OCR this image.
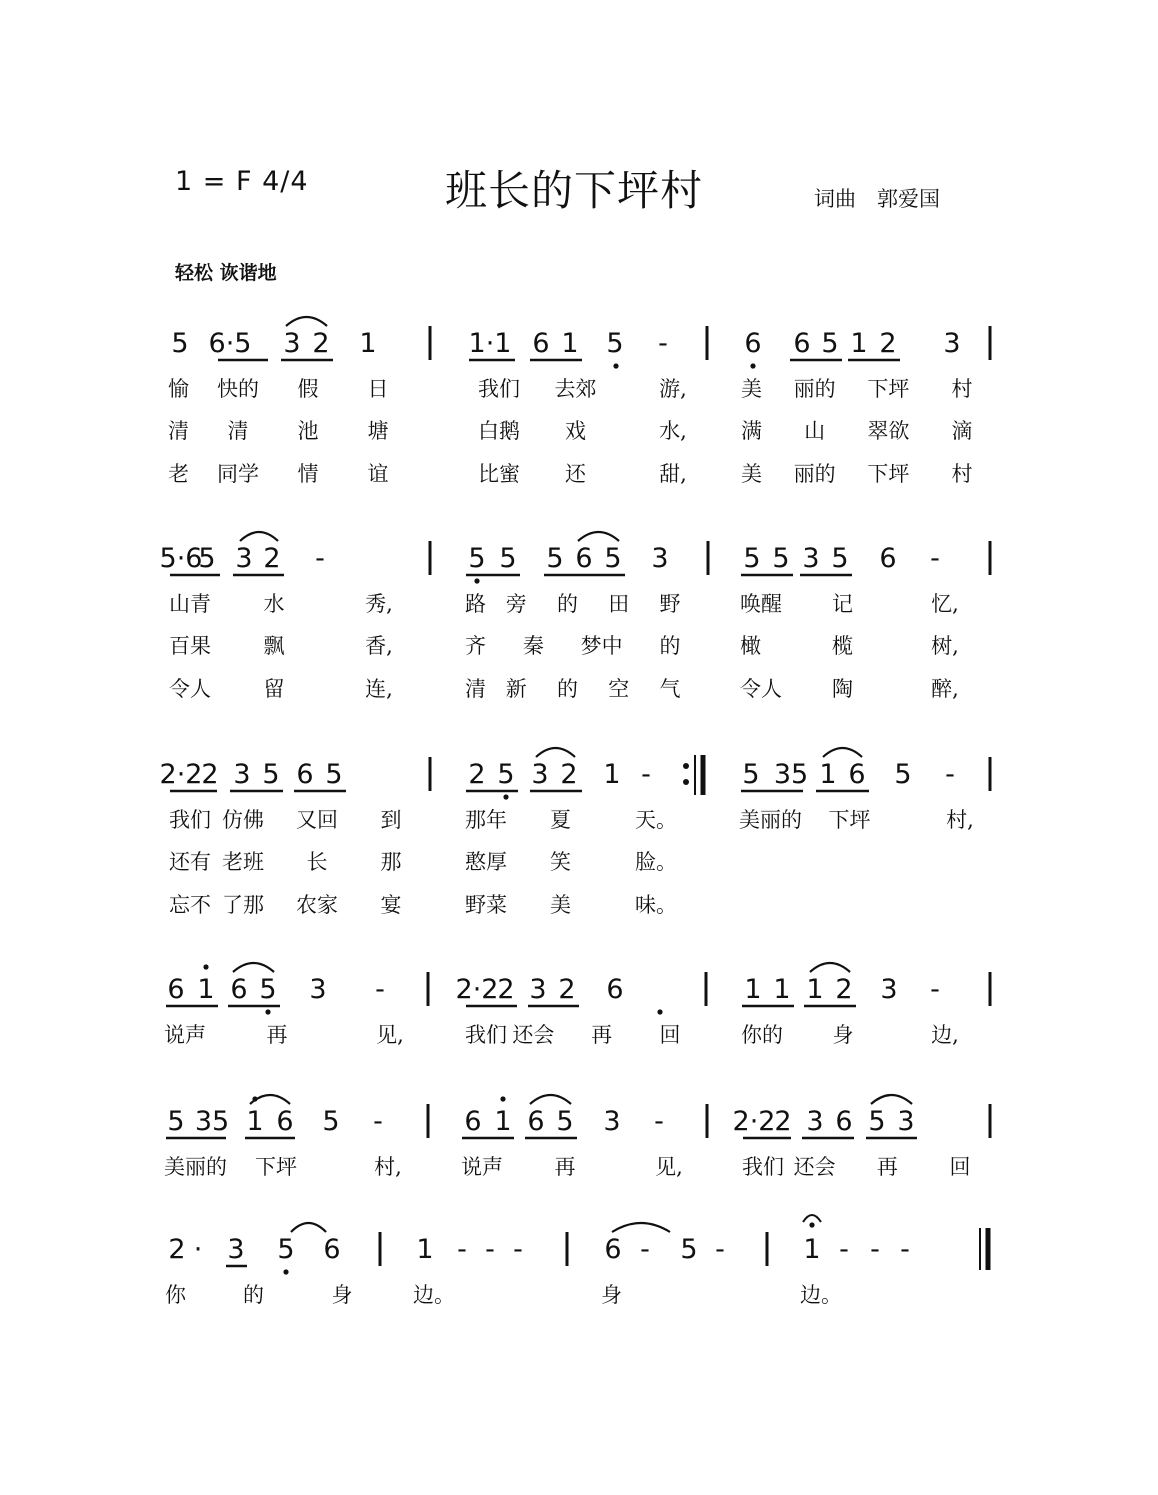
1 = F 4/4	班长的下坪村	词曲　郭爱国
轻松 诙谐地
5 6·5 3 2 1	1·1 6 1 5 -	6 6 5 1 2 3
愉 快的 假 日	我们 去郊	游,	美 丽的 下坪 村
清 清 池 塘	白鹅 戏	水,	满 山 翠欲 滴
老 同学 情 谊	比蜜 还	甜,	美 丽的 下坪 村
5·6
5 3 2 -	5 5 5 6 5 3	5 5 3 5 6 -
山青	水	秀,	路 旁 的 田 野	唤醒 记	忆,
百果	飘	香,	齐 秦 梦中 的	橄	榄	树,
令人	留	连,	清 新 的 空 气	令人 陶	醉,
2·2
2 3 5 6 5	2 5 3 2 1 -	5 35 1 6 5 -
我们 仿佛 又回 到	那年 夏	天。	美丽的 下坪	村,
还有 老班 长	那	憨厚 笑	脸。
忘不 了那 农家 宴	野菜 美	味。
6 1 6 5 3 -	2·2
2 3 2 6	1 1 1 2 3 -
说声	再	见,	我们 还会 再 回	你的 身	边,
5 35 1 6 5 -	6 1 6 5 3 -	2·2
2 3 6 5 3
美丽的 下坪	村,	说声 再	见,	我们 还会 再 回
2 · 3 5 6	1 - - -	6 - 5 -	1 - - -
你	的	身	边。	身	边。
